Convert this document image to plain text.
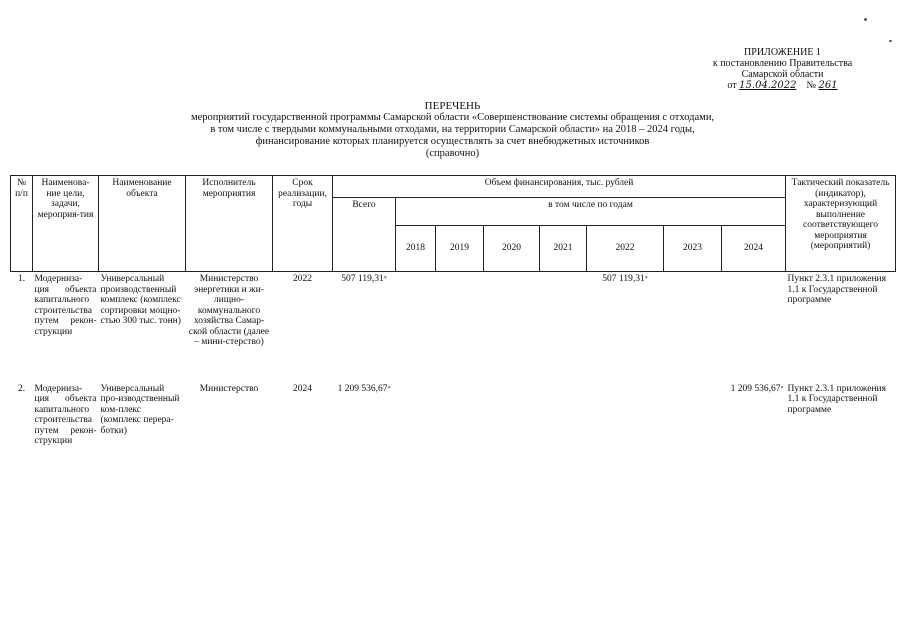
ПРИЛОЖЕНИЕ 1
к постановлению Правительства
Самарской области
от 15.04.2022 № 261
ПЕРЕЧЕНЬ
мероприятий государственной программы Самарской области «Совершенствование системы обращения с отходами,
в том числе с твердыми коммунальными отходами, на территории Самарской области» на 2018 – 2024 годы,
финансирование которых планируется осуществлять за счет внебюджетных источников
(справочно)
№ п/п	Наименова-ние цели, задачи, мероприя-тия	Наименование объекта	Исполнитель мероприятия	Срок реализации, годы	Объем финансирования, тыс. рублей								Тактический показатель (индикатор), характеризующий выполнение соответствующего мероприятия (мероприятий)
					Всего	в том числе по годам							
						2018	2019	2020	2021	2022	2023	2024	
1.	Модерниза-ция объекта капитального строительства путем рекон-струкции	Универсальный производственный комплекс (комплекс сортировки мощно-стью 300 тыс. тонн)	Министерство энергетики и жи-лищно-коммунального хозяйства Самар-ской области (далее – мини-стерство)	2022	507 119,31*					507 119,31*			Пункт 2.3.1 приложения 1.1 к Государственной программе
2.	Модерниза-ция объекта капитального строительства путем рекон-струкции	Универсальный про-изводственный ком-плекс (комплекс перера-ботки)	Министерство	2024	1 209 536,67*							1 209 536,67*	Пункт 2.3.1 приложения 1.1 к Государственной программе
